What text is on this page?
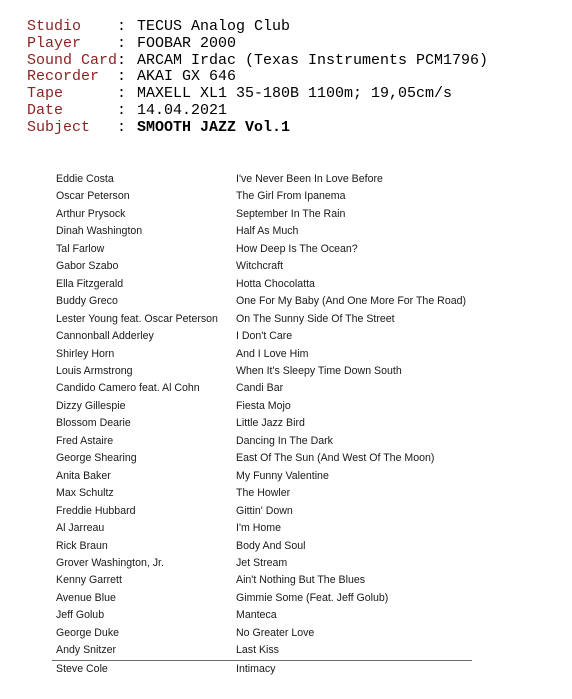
Studio	: TECUS Analog Club
Player	: FOOBAR 2000
Sound Card : ARCAM Irdac (Texas Instruments PCM1796)
Recorder	: AKAI GX 646
Tape	: MAXELL XL1 35-180B 1100m; 19,05cm/s
Date	: 14.04.2021
Subject	: SMOOTH JAZZ Vol.1
Eddie Costa	I've Never Been In Love Before
Oscar Peterson	The Girl From Ipanema
Arthur Prysock	September In The Rain
Dinah Washington	Half As Much
Tal Farlow	How Deep Is The Ocean?
Gabor Szabo	Witchcraft
Ella Fitzgerald	Hotta Chocolatta
Buddy Greco	One For My Baby (And One More For The Road)
Lester Young feat. Oscar Peterson	On The Sunny Side Of The Street
Cannonball Adderley	I Don't Care
Shirley Horn	And I Love Him
Louis Armstrong	When It's Sleepy Time Down South
Candido Camero feat. Al Cohn	Candi Bar
Dizzy Gillespie	Fiesta Mojo
Blossom Dearie	Little Jazz Bird
Fred Astaire	Dancing In The Dark
George Shearing	East Of The Sun (And West Of The Moon)
Anita Baker	My Funny Valentine
Max Schultz	The Howler
Freddie Hubbard	Gittin' Down
Al Jarreau	I'm Home
Rick Braun	Body And Soul
Grover Washington, Jr.	Jet Stream
Kenny Garrett	Ain't Nothing But The Blues
Avenue Blue	Gimmie Some (Feat. Jeff Golub)
Jeff Golub	Manteca
George Duke	No Greater Love
Andy Snitzer	Last Kiss
Steve Cole	Intimacy
